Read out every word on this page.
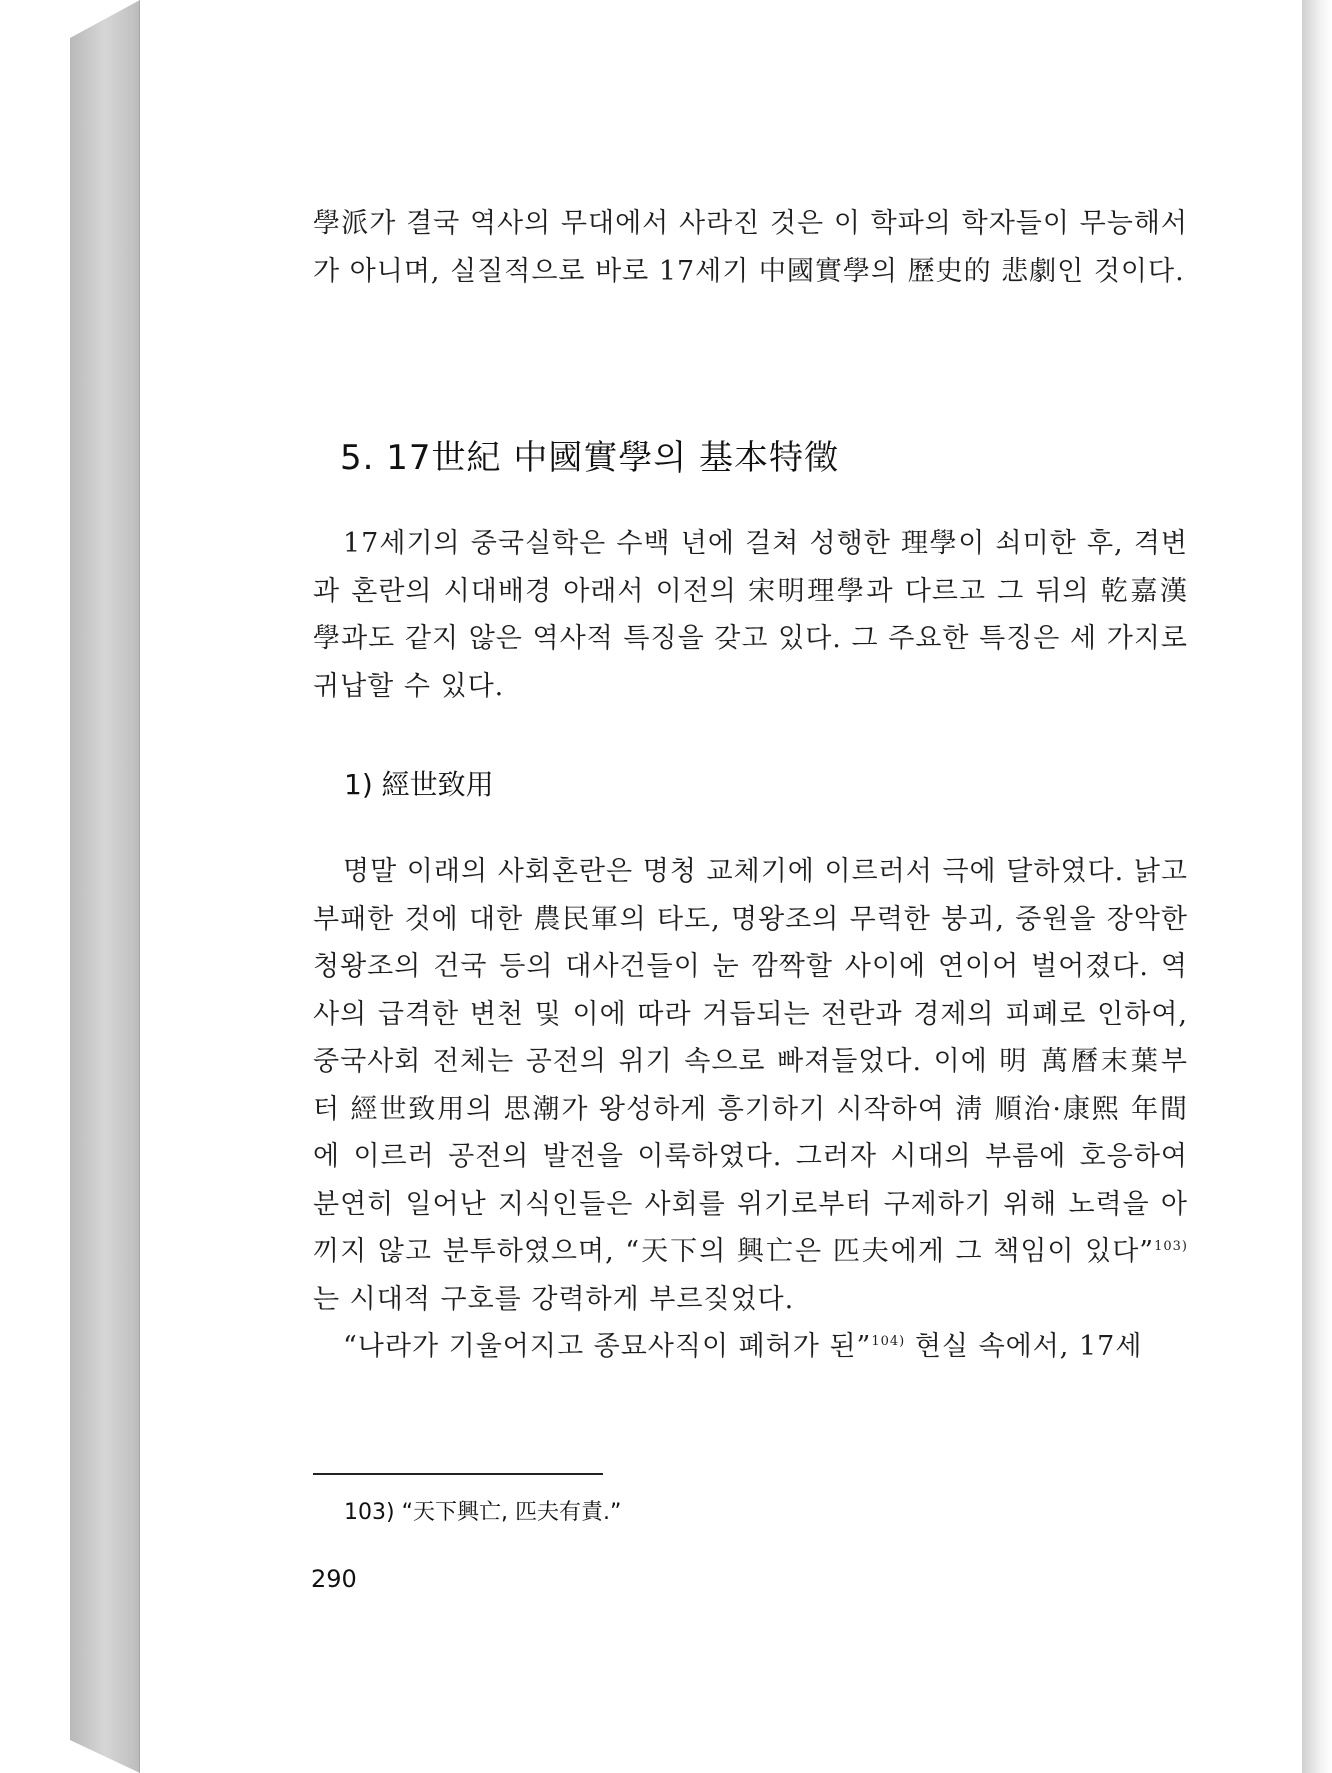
學派가 결국 역사의 무대에서 사라진 것은 이 학파의 학자들이 무능해서가 아니며, 실질적으로 바로 17세기 中國實學의 歷史的 悲劇인 것이다.

5. 17世紀 中國實學의 基本特徵

17세기의 중국실학은 수백 년에 걸쳐 성행한 理學이 쇠미한 후, 격변과 혼란의 시대배경 아래서 이전의 宋明理學과 다르고 그 뒤의 乾嘉漢學과도 같지 않은 역사적 특징을 갖고 있다. 그 주요한 특징은 세 가지로 귀납할 수 있다.

1) 經世致用

명말 이래의 사회혼란은 명청 교체기에 이르러서 극에 달하였다. 낡고 부패한 것에 대한 農民軍의 타도, 명왕조의 무력한 붕괴, 중원을 장악한 청왕조의 건국 등의 대사건들이 눈 깜짝할 사이에 연이어 벌어졌다. 역사의 급격한 변천 및 이에 따라 거듭되는 전란과 경제의 피폐로 인하여, 중국사회 전체는 공전의 위기 속으로 빠져들었다. 이에 明 萬曆末葉부터 經世致用의 思潮가 왕성하게 흥기하기 시작하여 淸 順治·康熙 年間에 이르러 공전의 발전을 이룩하였다. 그러자 시대의 부름에 호응하여 분연히 일어난 지식인들은 사회를 위기로부터 구제하기 위해 노력을 아끼지 않고 분투하였으며, “天下의 興亡은 匹夫에게 그 책임이 있다”$^{103)}$는 시대적 구호를 강력하게 부르짖었다.

“나라가 기울어지고 종묘사직이 폐허가 된”$^{104)}$ 현실 속에서, 17세

103) “天下興亡, 匹夫有責.”
290
